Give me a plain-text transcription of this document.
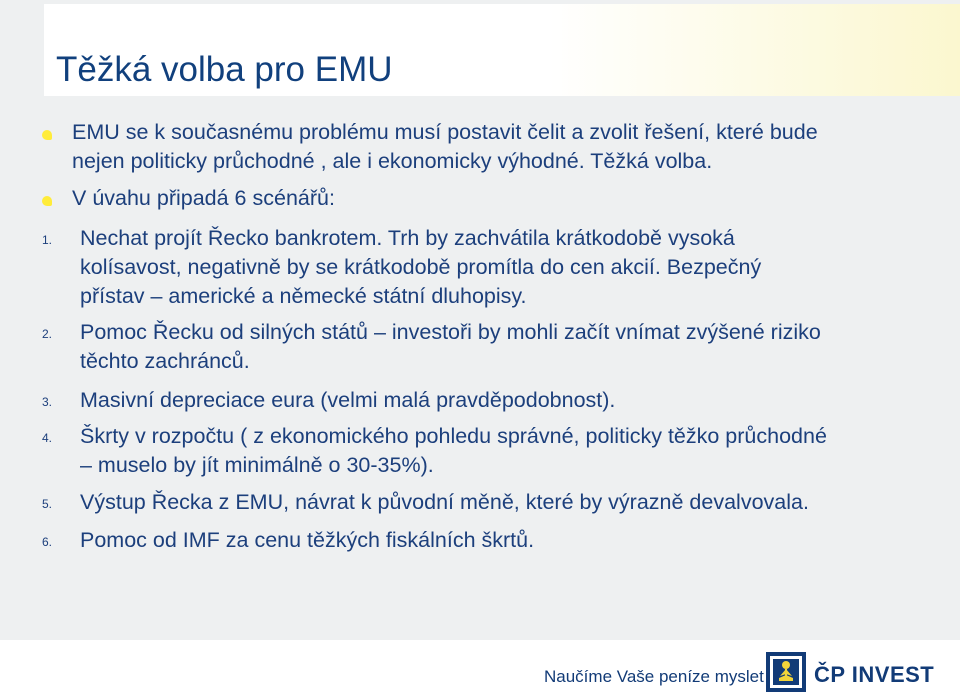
Těžká volba pro EMU
EMU se k současnému problému musí postavit čelit a zvolit řešení, které bude
nejen politicky průchodné , ale i ekonomicky výhodné. Těžká volba.
V úvahu připadá 6 scénářů:
1. Nechat projít Řecko bankrotem. Trh by zachvátila krátkodobě vysoká
kolísavost, negativně by se krátkodobě promítla do cen akcií. Bezpečný
přístav – americké a německé státní dluhopisy.
2. Pomoc Řecku od silných států – investoři by mohli začít vnímat zvýšené riziko
těchto zachránců.
3. Masivní depreciace eura (velmi malá pravděpodobnost).
4. Škrty v rozpočtu ( z ekonomického pohledu správné, politicky těžko průchodné
– muselo by jít minimálně o 30-35%).
5. Výstup Řecka z EMU, návrat k původní měně, které by výrazně devalvovala.
6. Pomoc od IMF za cenu těžkých fiskálních škrtů.
Naučíme Vaše peníze myslet ČP INVEST
